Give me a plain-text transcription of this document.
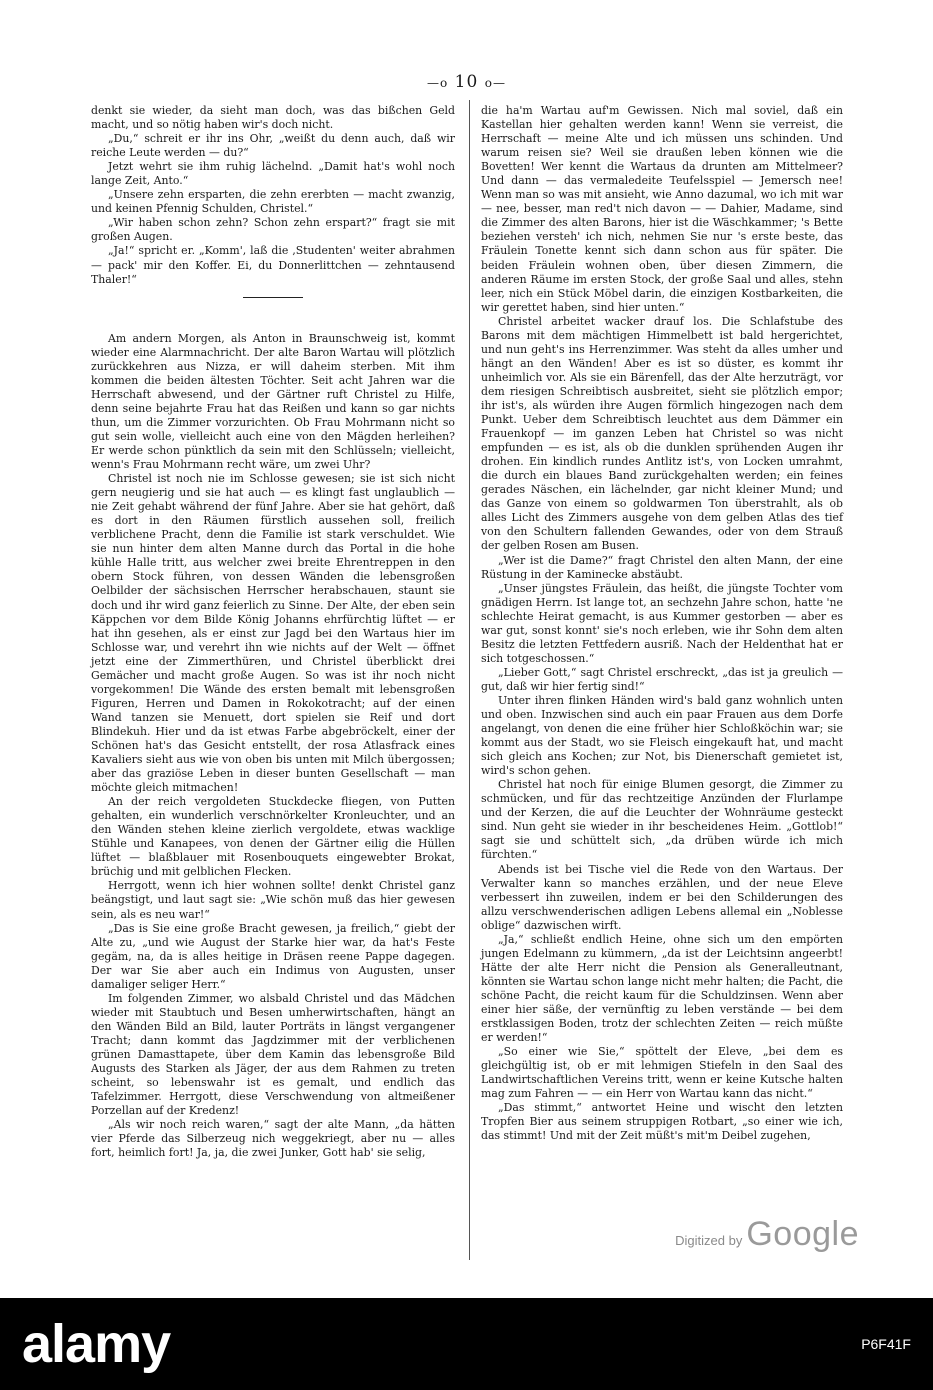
—o 10 o—

denkt sie wieder, da sieht man doch, was das bißchen Geld macht, und so nötig haben wir's doch nicht.

„Du,“ schreit er ihr ins Ohr, „weißt du denn auch, daß wir reiche Leute werden — du?“

Jetzt wehrt sie ihm ruhig lächelnd. „Damit hat's wohl noch lange Zeit, Anto.“

„Unsere zehn ersparten, die zehn ererbten — macht zwanzig, und keinen Pfennig Schulden, Christel.“

„Wir haben schon zehn? Schon zehn erspart?“ fragt sie mit großen Augen.

„Ja!“ spricht er. „Komm', laß die ‚Studenten' weiter abrahmen — pack' mir den Koffer. Ei, du Donnerlittchen — zehntausend Thaler!“

Am andern Morgen, als Anton in Braunschweig ist, kommt wieder eine Alarmnachricht. Der alte Baron Wartau will plötzlich zurückkehren aus Nizza, er will daheim sterben. Mit ihm kommen die beiden ältesten Töchter. Seit acht Jahren war die Herrschaft abwesend, und der Gärtner ruft Christel zu Hilfe, denn seine bejahrte Frau hat das Reißen und kann so gar nichts thun, um die Zimmer vorzurichten. Ob Frau Mohrmann nicht so gut sein wolle, vielleicht auch eine von den Mägden herleihen? Er werde schon pünktlich da sein mit den Schlüsseln; vielleicht, wenn's Frau Mohrmann recht wäre, um zwei Uhr?

Christel ist noch nie im Schlosse gewesen; sie ist sich nicht gern neugierig und sie hat auch — es klingt fast unglaublich — nie Zeit gehabt während der fünf Jahre. Aber sie hat gehört, daß es dort in den Räumen fürstlich aussehen soll, freilich verblichene Pracht, denn die Familie ist stark verschuldet. Wie sie nun hinter dem alten Manne durch das Portal in die hohe kühle Halle tritt, aus welcher zwei breite Ehrentreppen in den obern Stock führen, von dessen Wänden die lebensgroßen Oelbilder der sächsischen Herrscher herabschauen, staunt sie doch und ihr wird ganz feierlich zu Sinne. Der Alte, der eben sein Käppchen vor dem Bilde König Johanns ehrfürchtig lüftet — er hat ihn gesehen, als er einst zur Jagd bei den Wartaus hier im Schlosse war, und verehrt ihn wie nichts auf der Welt — öffnet jetzt eine der Zimmerthüren, und Christel überblickt drei Gemächer und macht große Augen. So was ist ihr noch nicht vorgekommen! Die Wände des ersten bemalt mit lebensgroßen Figuren, Herren und Damen in Rokokotracht; auf der einen Wand tanzen sie Menuett, dort spielen sie Reif und dort Blindekuh. Hier und da ist etwas Farbe abgebröckelt, einer der Schönen hat's das Gesicht entstellt, der rosa Atlasfrack eines Kavaliers sieht aus wie von oben bis unten mit Milch übergossen; aber das graziöse Leben in dieser bunten Gesellschaft — man möchte gleich mitmachen!

An der reich vergoldeten Stuckdecke fliegen, von Putten gehalten, ein wunderlich verschnörkelter Kronleuchter, und an den Wänden stehen kleine zierlich vergoldete, etwas wacklige Stühle und Kanapees, von denen der Gärtner eilig die Hüllen lüftet — blaßblauer mit Rosenbouquets eingewebter Brokat, brüchig und mit gelblichen Flecken.

Herrgott, wenn ich hier wohnen sollte! denkt Christel ganz beängstigt, und laut sagt sie: „Wie schön muß das hier gewesen sein, als es neu war!“

„Das is Sie eine große Bracht gewesen, ja freilich,“ giebt der Alte zu, „und wie August der Starke hier war, da hat's Feste gegäm, na, da is alles heitige in Dräsen reene Pappe dagegen. Der war Sie aber auch ein Indimus von Augusten, unser damaliger seliger Herr.“

Im folgenden Zimmer, wo alsbald Christel und das Mädchen wieder mit Staubtuch und Besen umherwirtschaften, hängt an den Wänden Bild an Bild, lauter Porträts in längst vergangener Tracht; dann kommt das Jagdzimmer mit der verblichenen grünen Damasttapete, über dem Kamin das lebensgroße Bild Augusts des Starken als Jäger, der aus dem Rahmen zu treten scheint, so lebenswahr ist es gemalt, und endlich das Tafelzimmer. Herrgott, diese Verschwendung von altmeißener Porzellan auf der Kredenz!

„Als wir noch reich waren,“ sagt der alte Mann, „da hätten vier Pferde das Silberzeug nich weggekriegt, aber nu — alles fort, heimlich fort! Ja, ja, die zwei Junker, Gott hab' sie selig,

die ha'm Wartau auf'm Gewissen. Nich mal soviel, daß ein Kastellan hier gehalten werden kann! Wenn sie verreist, die Herrschaft — meine Alte und ich müssen uns schinden. Und warum reisen sie? Weil sie draußen leben können wie die Bovetten! Wer kennt die Wartaus da drunten am Mittelmeer? Und dann — das vermaledeite Teufelsspiel — Jemersch nee! Wenn man so was mit ansieht, wie Anno dazumal, wo ich mit war — nee, besser, man red't nich davon — — Dahier, Madame, sind die Zimmer des alten Barons, hier ist die Wäschkammer; 's Bette beziehen versteh' ich nich, nehmen Sie nur 's erste beste, das Fräulein Tonette kennt sich dann schon aus für später. Die beiden Fräulein wohnen oben, über diesen Zimmern, die anderen Räume im ersten Stock, der große Saal und alles, stehn leer, nich ein Stück Möbel darin, die einzigen Kostbarkeiten, die wir gerettet haben, sind hier unten.“

Christel arbeitet wacker drauf los. Die Schlafstube des Barons mit dem mächtigen Himmelbett ist bald hergerichtet, und nun geht's ins Herrenzimmer. Was steht da alles umher und hängt an den Wänden! Aber es ist so düster, es kommt ihr unheimlich vor. Als sie ein Bärenfell, das der Alte herzuträgt, vor dem riesigen Schreibtisch ausbreitet, sieht sie plötzlich empor; ihr ist's, als würden ihre Augen förmlich hingezogen nach dem Punkt. Ueber dem Schreibtisch leuchtet aus dem Dämmer ein Frauenkopf — im ganzen Leben hat Christel so was nicht empfunden — es ist, als ob die dunklen sprühenden Augen ihr drohen. Ein kindlich rundes Antlitz ist's, von Locken umrahmt, die durch ein blaues Band zurückgehalten werden; ein feines gerades Näschen, ein lächelnder, gar nicht kleiner Mund; und das Ganze von einem so goldwarmen Ton überstrahlt, als ob alles Licht des Zimmers ausgehe von dem gelben Atlas des tief von den Schultern fallenden Gewandes, oder von dem Strauß der gelben Rosen am Busen.

„Wer ist die Dame?“ fragt Christel den alten Mann, der eine Rüstung in der Kaminecke abstäubt.

„Unser jüngstes Fräulein, das heißt, die jüngste Tochter vom gnädigen Herrn. Ist lange tot, an sechzehn Jahre schon, hatte 'ne schlechte Heirat gemacht, is aus Kummer gestorben — aber es war gut, sonst konnt' sie's noch erleben, wie ihr Sohn dem alten Besitz die letzten Fettfedern ausriß. Nach der Heldenthat hat er sich totgeschossen.“

„Lieber Gott,“ sagt Christel erschreckt, „das ist ja greulich — gut, daß wir hier fertig sind!“

Unter ihren flinken Händen wird's bald ganz wohnlich unten und oben. Inzwischen sind auch ein paar Frauen aus dem Dorfe angelangt, von denen die eine früher hier Schloßköchin war; sie kommt aus der Stadt, wo sie Fleisch eingekauft hat, und macht sich gleich ans Kochen; zur Not, bis Dienerschaft gemietet ist, wird's schon gehen.

Christel hat noch für einige Blumen gesorgt, die Zimmer zu schmücken, und für das rechtzeitige Anzünden der Flurlampe und der Kerzen, die auf die Leuchter der Wohnräume gesteckt sind. Nun geht sie wieder in ihr bescheidenes Heim. „Gottlob!“ sagt sie und schüttelt sich, „da drüben würde ich mich fürchten.“

Abends ist bei Tische viel die Rede von den Wartaus. Der Verwalter kann so manches erzählen, und der neue Eleve verbessert ihn zuweilen, indem er bei den Schilderungen des allzu verschwenderischen adligen Lebens allemal ein „Noblesse oblige“ dazwischen wirft.

„Ja,“ schließt endlich Heine, ohne sich um den empörten jungen Edelmann zu kümmern, „da ist der Leichtsinn angeerbt! Hätte der alte Herr nicht die Pension als Generalleutnant, könnten sie Wartau schon lange nicht mehr halten; die Pacht, die schöne Pacht, die reicht kaum für die Schuldzinsen. Wenn aber einer hier säße, der vernünftig zu leben verstände — bei dem erstklassigen Boden, trotz der schlechten Zeiten — reich müßte er werden!“

„So einer wie Sie,“ spöttelt der Eleve, „bei dem es gleichgültig ist, ob er mit lehmigen Stiefeln in den Saal des Landwirtschaftlichen Vereins tritt, wenn er keine Kutsche halten mag zum Fahren — — ein Herr von Wartau kann das nicht.“

„Das stimmt,“ antwortet Heine und wischt den letzten Tropfen Bier aus seinem struppigen Rotbart, „so einer wie ich, das stimmt! Und mit der Zeit müßt's mit'm Deibel zugehen,

Digitized by Google
alamy	P6F41F
